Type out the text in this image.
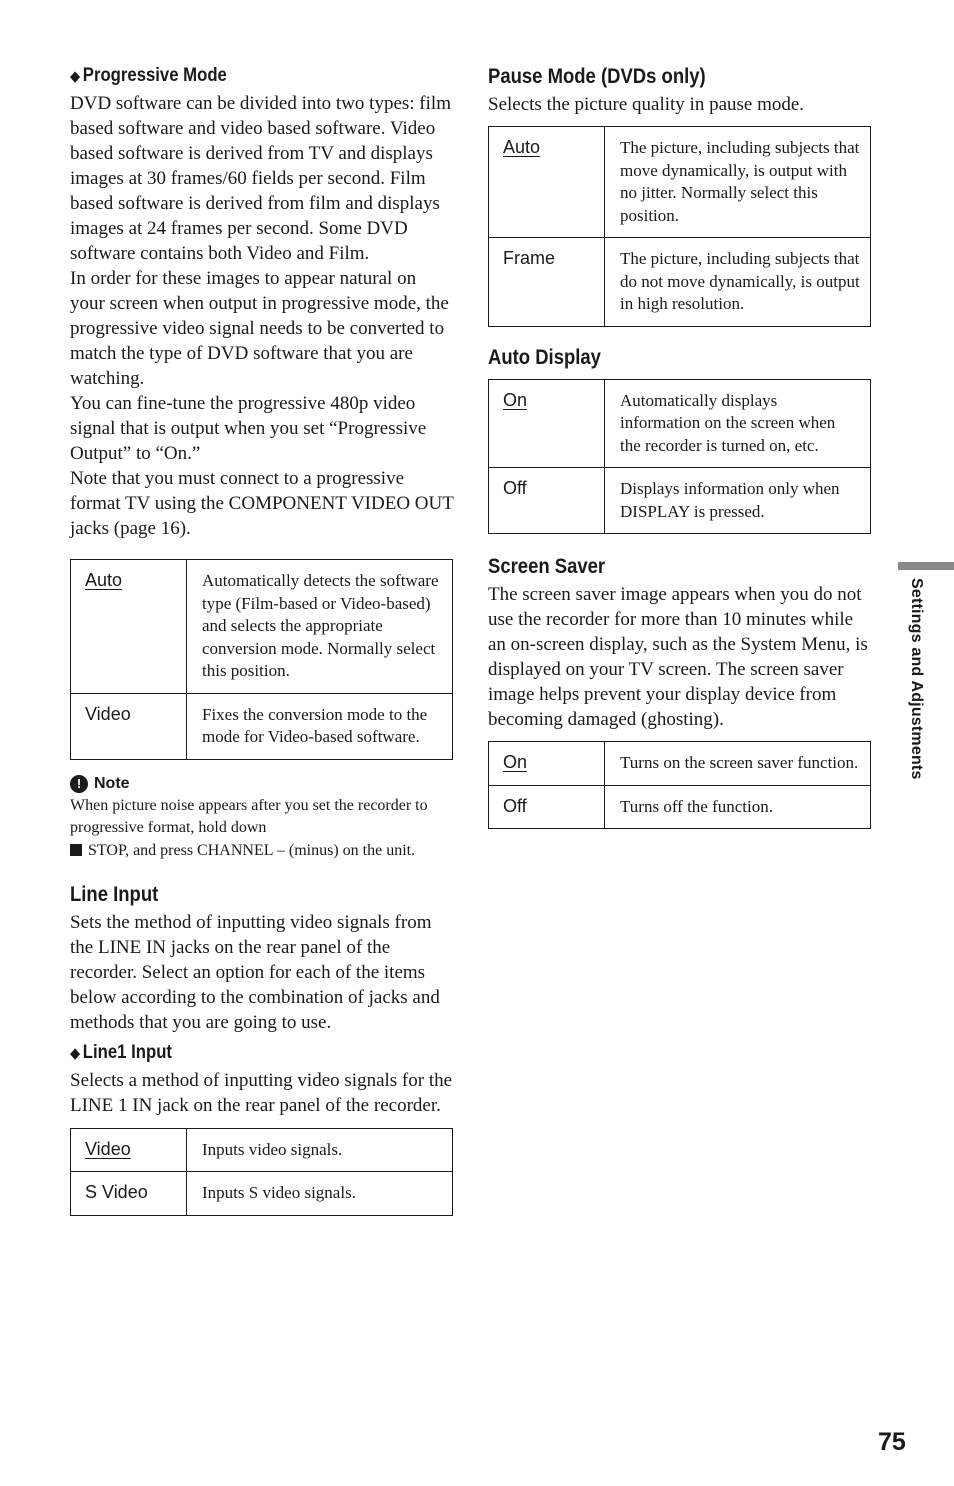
◆ Progressive Mode

DVD software can be divided into two types: film based software and video based software. Video based software is derived from TV and displays images at 30 frames/60 fields per second. Film based software is derived from film and displays images at 24 frames per second. Some DVD software contains both Video and Film.

In order for these images to appear natural on your screen when output in progressive mode, the progressive video signal needs to be converted to match the type of DVD software that you are watching.

You can fine-tune the progressive 480p video signal that is output when you set “Progressive Output” to “On.”

Note that you must connect to a progressive format TV using the COMPONENT VIDEO OUT jacks (page 16).

Auto	Automatically detects the software type (Film-based or Video-based) and selects the appropriate conversion mode. Normally select this position.
Video	Fixes the conversion mode to the mode for Video-based software.
! Note

When picture noise appears after you set the recorder to progressive format, hold down
STOP, and press CHANNEL – (minus) on the unit.

Line Input

Sets the method of inputting video signals from the LINE IN jacks on the rear panel of the recorder. Select an option for each of the items below according to the combination of jacks and methods that you are going to use.

◆ Line1 Input

Selects a method of inputting video signals for the LINE 1 IN jack on the rear panel of the recorder.

Video	Inputs video signals.
S Video	Inputs S video signals.
Pause Mode (DVDs only)

Selects the picture quality in pause mode.

Auto	The picture, including subjects that move dynamically, is output with no jitter. Normally select this position.
Frame	The picture, including subjects that do not move dynamically, is output in high resolution.
Auto Display
On	Automatically displays information on the screen when the recorder is turned on, etc.
Off	Displays information only when DISPLAY is pressed.
Screen Saver

The screen saver image appears when you do not use the recorder for more than 10 minutes while an on-screen display, such as the System Menu, is displayed on your TV screen. The screen saver image helps prevent your display device from becoming damaged (ghosting).

On	Turns on the screen saver function.
Off	Turns off the function.
Settings and Adjustments
75
